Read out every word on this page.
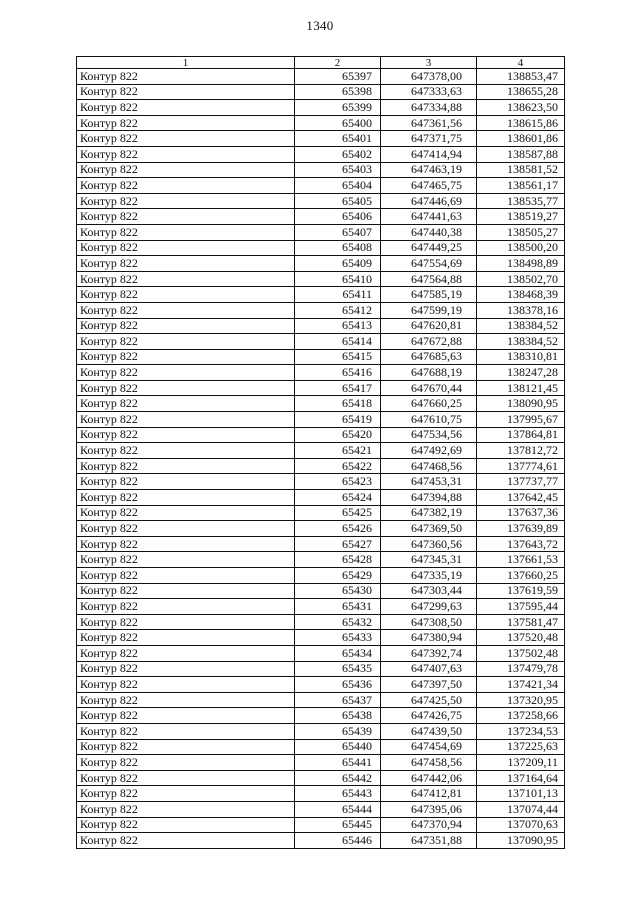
1340
1	2	3	4
Контур 822	65397	647378,00	138853,47
Контур 822	65398	647333,63	138655,28
Контур 822	65399	647334,88	138623,50
Контур 822	65400	647361,56	138615,86
Контур 822	65401	647371,75	138601,86
Контур 822	65402	647414,94	138587,88
Контур 822	65403	647463,19	138581,52
Контур 822	65404	647465,75	138561,17
Контур 822	65405	647446,69	138535,77
Контур 822	65406	647441,63	138519,27
Контур 822	65407	647440,38	138505,27
Контур 822	65408	647449,25	138500,20
Контур 822	65409	647554,69	138498,89
Контур 822	65410	647564,88	138502,70
Контур 822	65411	647585,19	138468,39
Контур 822	65412	647599,19	138378,16
Контур 822	65413	647620,81	138384,52
Контур 822	65414	647672,88	138384,52
Контур 822	65415	647685,63	138310,81
Контур 822	65416	647688,19	138247,28
Контур 822	65417	647670,44	138121,45
Контур 822	65418	647660,25	138090,95
Контур 822	65419	647610,75	137995,67
Контур 822	65420	647534,56	137864,81
Контур 822	65421	647492,69	137812,72
Контур 822	65422	647468,56	137774,61
Контур 822	65423	647453,31	137737,77
Контур 822	65424	647394,88	137642,45
Контур 822	65425	647382,19	137637,36
Контур 822	65426	647369,50	137639,89
Контур 822	65427	647360,56	137643,72
Контур 822	65428	647345,31	137661,53
Контур 822	65429	647335,19	137660,25
Контур 822	65430	647303,44	137619,59
Контур 822	65431	647299,63	137595,44
Контур 822	65432	647308,50	137581,47
Контур 822	65433	647380,94	137520,48
Контур 822	65434	647392,74	137502,48
Контур 822	65435	647407,63	137479,78
Контур 822	65436	647397,50	137421,34
Контур 822	65437	647425,50	137320,95
Контур 822	65438	647426,75	137258,66
Контур 822	65439	647439,50	137234,53
Контур 822	65440	647454,69	137225,63
Контур 822	65441	647458,56	137209,11
Контур 822	65442	647442,06	137164,64
Контур 822	65443	647412,81	137101,13
Контур 822	65444	647395,06	137074,44
Контур 822	65445	647370,94	137070,63
Контур 822	65446	647351,88	137090,95
